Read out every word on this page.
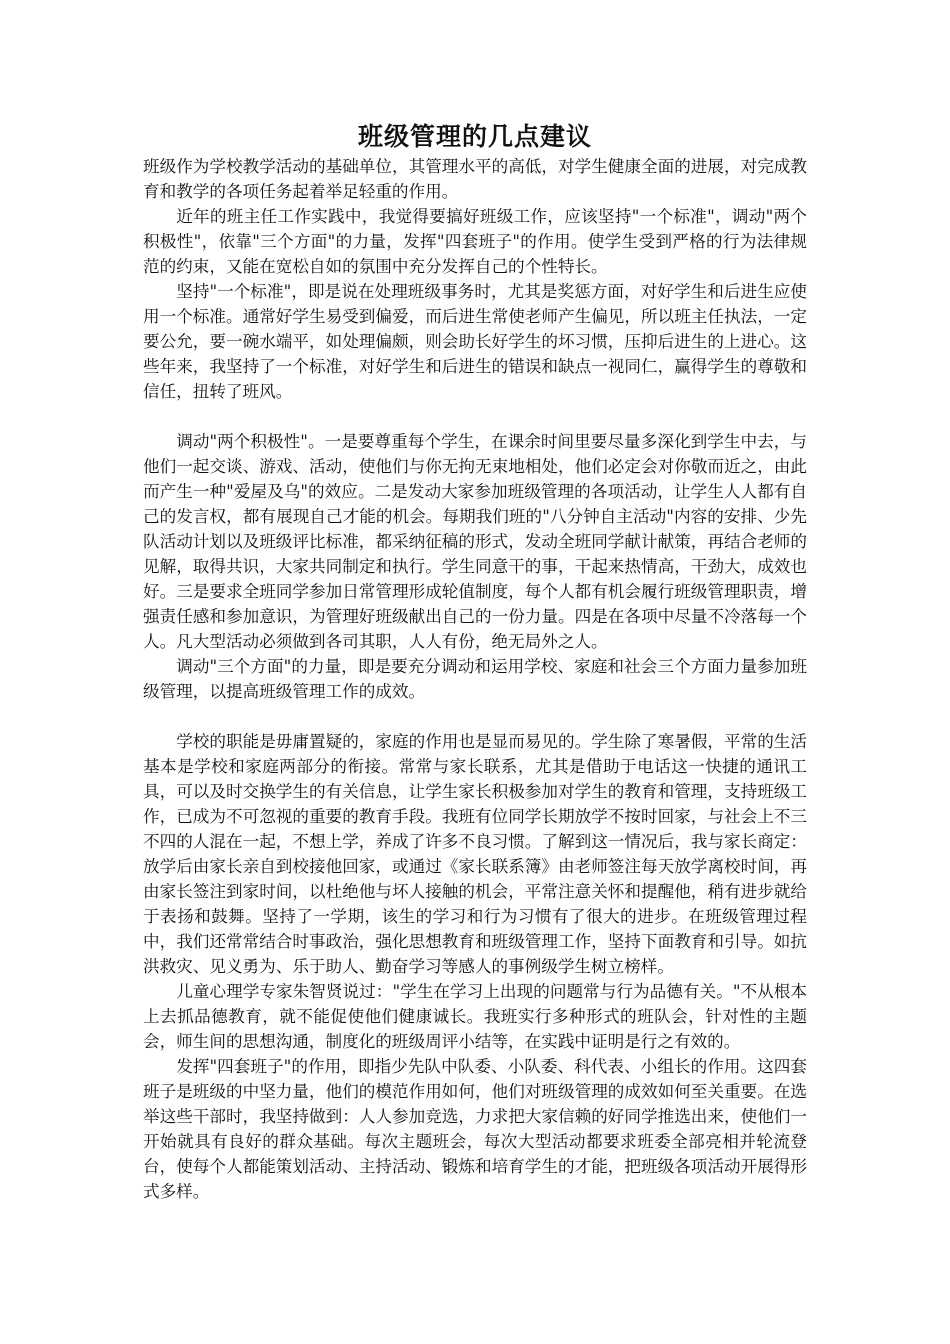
班级管理的几点建议

班级作为学校教学活动的基础单位，其管理水平的高低，对学生健康全面的进展，对完成教育和教学的各项任务起着举足轻重的作用。

近年的班主任工作实践中，我觉得要搞好班级工作，应该坚持"一个标准"，调动"两个积极性"，依靠"三个方面"的力量，发挥"四套班子"的作用。使学生受到严格的行为法律规范的约束，又能在宽松自如的氛围中充分发挥自己的个性特长。

坚持"一个标准"，即是说在处理班级事务时，尤其是奖惩方面，对好学生和后进生应使用一个标准。通常好学生易受到偏爱，而后进生常使老师产生偏见，所以班主任执法，一定要公允，要一碗水端平，如处理偏颇，则会助长好学生的坏习惯，压抑后进生的上进心。这些年来，我坚持了一个标准，对好学生和后进生的错误和缺点一视同仁，赢得学生的尊敬和信任，扭转了班风。

调动"两个积极性"。一是要尊重每个学生，在课余时间里要尽量多深化到学生中去，与他们一起交谈、游戏、活动，使他们与你无拘无束地相处，他们必定会对你敬而近之，由此而产生一种"爱屋及乌"的效应。二是发动大家参加班级管理的各项活动，让学生人人都有自己的发言权，都有展现自己才能的机会。每期我们班的"八分钟自主活动"内容的安排、少先队活动计划以及班级评比标准，都采纳征稿的形式，发动全班同学献计献策，再结合老师的见解，取得共识，大家共同制定和执行。学生同意干的事，干起来热情高，干劲大，成效也好。三是要求全班同学参加日常管理形成轮值制度，每个人都有机会履行班级管理职责，增强责任感和参加意识，为管理好班级献出自己的一份力量。四是在各项中尽量不冷落每一个人。凡大型活动必须做到各司其职，人人有份，绝无局外之人。

调动"三个方面"的力量，即是要充分调动和运用学校、家庭和社会三个方面力量参加班级管理，以提高班级管理工作的成效。

学校的职能是毋庸置疑的，家庭的作用也是显而易见的。学生除了寒暑假，平常的生活基本是学校和家庭两部分的衔接。常常与家长联系，尤其是借助于电话这一快捷的通讯工具，可以及时交换学生的有关信息，让学生家长积极参加对学生的教育和管理，支持班级工作，已成为不可忽视的重要的教育手段。我班有位同学长期放学不按时回家，与社会上不三不四的人混在一起，不想上学，养成了许多不良习惯。了解到这一情况后，我与家长商定：放学后由家长亲自到校接他回家，或通过《家长联系簿》由老师签注每天放学离校时间，再由家长签注到家时间，以杜绝他与坏人接触的机会，平常注意关怀和提醒他，稍有进步就给于表扬和鼓舞。坚持了一学期，该生的学习和行为习惯有了很大的进步。在班级管理过程中，我们还常常结合时事政治，强化思想教育和班级管理工作，坚持下面教育和引导。如抗洪救灾、见义勇为、乐于助人、勤奋学习等感人的事例级学生树立榜样。

儿童心理学专家朱智贤说过："学生在学习上出现的问题常与行为品德有关。"不从根本上去抓品德教育，就不能促使他们健康诚长。我班实行多种形式的班队会，针对性的主题会，师生间的思想沟通，制度化的班级周评小结等，在实践中证明是行之有效的。

发挥"四套班子"的作用，即指少先队中队委、小队委、科代表、小组长的作用。这四套班子是班级的中坚力量，他们的模范作用如何，他们对班级管理的成效如何至关重要。在选举这些干部时，我坚持做到：人人参加竞选，力求把大家信赖的好同学推选出来，使他们一开始就具有良好的群众基础。每次主题班会，每次大型活动都要求班委全部亮相并轮流登台，使每个人都能策划活动、主持活动、锻炼和培育学生的才能，把班级各项活动开展得形式多样。
